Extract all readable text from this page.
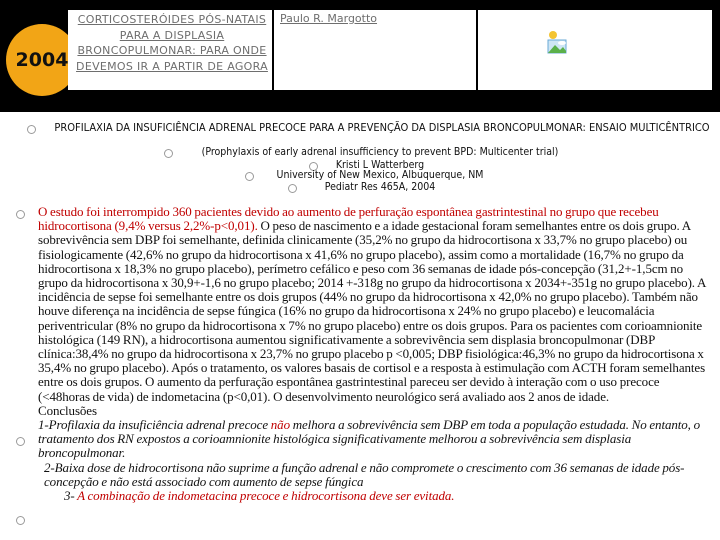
2004
CORTICOSTERÓIDES PÓS-NATAIS PARA A DISPLASIA BRONCOPULMONAR: PARA ONDE DEVEMOS IR A PARTIR DE AGORA
Paulo R. Margotto
PROFILAXIA DA INSUFICIÊNCIA ADRENAL PRECOCE PARA A PREVENÇÃO DA DISPLASIA BRONCOPULMONAR: ENSAIO MULTICÊNTRICO
(Prophylaxis of early adrenal insufficiency to prevent BPD: Multicenter trial)
Kristi L Watterberg
University of New Mexico, Albuquerque, NM
Pediatr Res 465A, 2004
O estudo foi interrompido 360 pacientes devido ao aumento de perfuração espontânea gastrintestinal no grupo que recebeu hidrocortisona (9,4% versus 2,2%-p<0,01). O peso de nascimento e a idade gestacional foram semelhantes entre os dois grupo. A sobrevivência sem DBP foi semelhante, definida clinicamente (35,2% no grupo da hidrocortisona x 33,7% no grupo placebo) ou fisiologicamente (42,6% no grupo da hidrocortisona x 41,6% no grupo placebo), assim como a mortalidade (16,7% no grupo da hidrocortisona x 18,3% no grupo placebo), perímetro cefálico e peso com 36 semanas de idade pós-concepção (31,2+-1,5cm no grupo da hidrocortisona x 30,9+-1,6 no grupo placebo; 2014 +-318g no grupo da hidrocortisona x 2034+-351g no grupo placebo). A incidência de sepse foi semelhante entre os dois grupos (44% no grupo da hidrocortisona x 42,0% no grupo placebo). Também não houve diferença na incidência de sepse fúngica (16% no grupo da hidrocortisona x 24% no grupo placebo) e leucomalácia periventricular (8% no grupo da hidrocortisona x 7% no grupo placebo) entre os dois grupos. Para os pacientes com corioamnionite histológica (149 RN), a hidrocortisona aumentou significativamente a sobrevivência sem displasia broncopulmonar (DBP clínica:38,4% no grupo da hidrocortisona x 23,7% no grupo placebo p <0,005; DBP fisiológica:46,3% no grupo da hidrocortisona x 35,4% no grupo placebo). Após o tratamento, os valores basais de cortisol e a resposta à estimulação com ACTH foram semelhantes entre os dois grupos. O aumento da perfuração espontânea gastrintestinal pareceu ser devido à interação com o uso precoce (<48horas de vida) de indometacina (p<0,01). O desenvolvimento neurológico será avaliado aos 2 anos de idade.
Conclusões
1-Profilaxia da insuficiência adrenal precoce não melhora a sobrevivência sem DBP em toda a população estudada. No entanto, o tratamento dos RN expostos a corioamnionite histológica significativamente melhorou a sobrevivência sem displasia broncopulmonar.
2-Baixa dose de hidrocortisona não suprime a função adrenal e não compromete o crescimento com 36 semanas de idade pós-concepção e não está associado com aumento de sepse fúngica
3- A combinação de indometacina precoce e hidrocortisona deve ser evitada.
